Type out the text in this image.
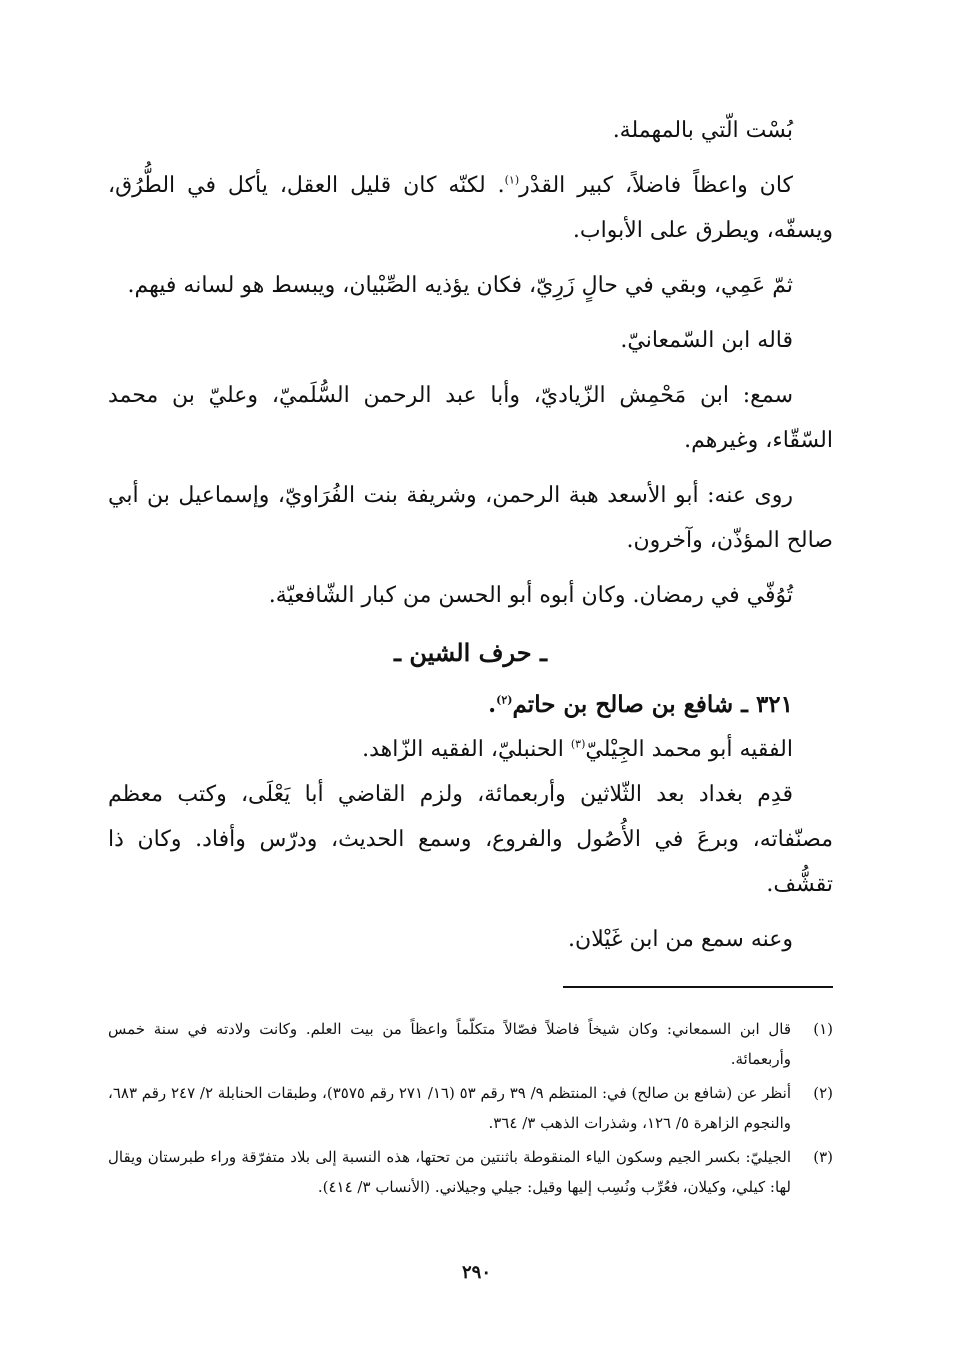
بُسْت الّتي بالمهملة.

كان واعظاً فاضلاً، كبير القدْر$^{(١)}$. لكنّه كان قليل العقل، يأكل في الطُّرُق، ويسفّه، ويطرق على الأبواب.

ثمّ عَمِي، وبقي في حالٍ زَرِيّ، فكان يؤذيه الصِّبْيان، ويبسط هو لسانه فيهم.

قاله ابن السّمعانيّ.

سمع: ابن مَحْمِش الزّياديّ، وأبا عبد الرحمن السُّلَميّ، وعليّ بن محمد السّقّاء، وغيرهم.

روى عنه: أبو الأسعد هبة الرحمن، وشريفة بنت الفُرَاويّ، وإسماعيل بن أبي صالح المؤذّن، وآخرون.

تُوُفّي في رمضان. وكان أبوه أبو الحسن من كبار الشّافعيّة.

ـ حرف الشين ـ

٣٢١ ـ شافع بن صالح بن حاتم$^{(٢)}$.

الفقيه أبو محمد الجِيْليّ$^{(٣)}$ الحنبليّ، الفقيه الزّاهد.

قدِم بغداد بعد الثّلاثين وأربعمائة، ولزم القاضي أبا يَعْلَى، وكتب معظم مصنّفاته، وبرعَ في الأُصُول والفروع، وسمع الحديث، ودرّس وأفاد. وكان ذا تقشُّف.

وعنه سمع من ابن غَيْلان.

(١)
قال ابن السمعاني: وكان شيخاً فاضلاً فصّالاً متكلّماً واعظاً من بيت العلم. وكانت ولادته في سنة خمس وأربعمائة.
(٢)
أنظر عن (شافع بن صالح) في: المنتظم ٩/ ٣٩ رقم ٥٣ (١٦/ ٢٧١ رقم ٣٥٧٥)، وطبقات الحنابلة ٢/ ٢٤٧ رقم ٦٨٣، والنجوم الزاهرة ٥/ ١٢٦، وشذرات الذهب ٣/ ٣٦٤.
(٣)
الجيليّ: بكسر الجيم وسكون الياء المنقوطة باثنتين من تحتها، هذه النسبة إلى بلاد متفرّقة وراء طبرستان ويقال لها: كيلي، وكيلان، فعُرِّب ونُسِب إليها وقيل: جيلي وجيلاني. (الأنساب ٣/ ٤١٤).
٢٩٠
